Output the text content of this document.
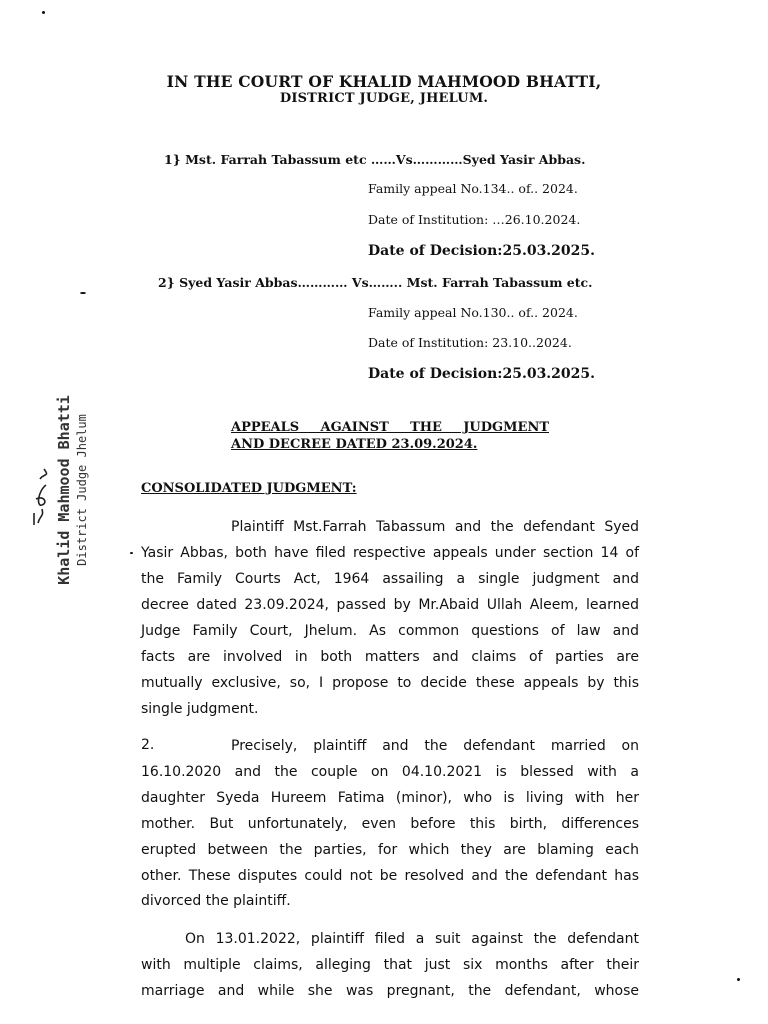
IN THE COURT OF KHALID MAHMOOD BHATTI,
DISTRICT JUDGE, JHELUM.
1} Mst. Farrah Tabassum etc ……Vs…………Syed Yasir Abbas.
Family appeal No.134.. of.. 2024.
Date of Institution: …26.10.2024.
Date of Decision:25.03.2025.
2} Syed Yasir Abbas………… Vs…….. Mst. Farrah Tabassum etc.
Family appeal No.130.. of.. 2024.
Date of Institution: 23.10..2024.
Date of Decision:25.03.2025.
APPEALS AGAINST THE JUDGMENT
AND DECREE DATED 23.09.2024.
CONSOLIDATED JUDGMENT:
Khalid Mahmood Bhatti District Judge Jhelum	Plaintiff Mst.Farrah Tabassum and the defendant Syed
Yasir Abbas, both have filed respective appeals under section 14 of
the Family Courts Act, 1964 assailing a single judgment and
decree dated 23.09.2024, passed by Mr.Abaid Ullah Aleem, learned
Judge Family Court, Jhelum. As common questions of law and
facts are involved in both matters and claims of parties are
mutually exclusive, so, I propose to decide these appeals by this
single judgment.
2.	Precisely, plaintiff and the defendant married on
16.10.2020 and the couple on 04.10.2021 is blessed with a
daughter Syeda Hureem Fatima (minor), who is living with her
mother. But unfortunately, even before this birth, differences
erupted between the parties, for which they are blaming each
other. These disputes could not be resolved and the defendant has
divorced the plaintiff.
On 13.01.2022, plaintiff filed a suit against the defendant
with multiple claims, alleging that just six months after their
marriage and while she was pregnant, the defendant, whose
